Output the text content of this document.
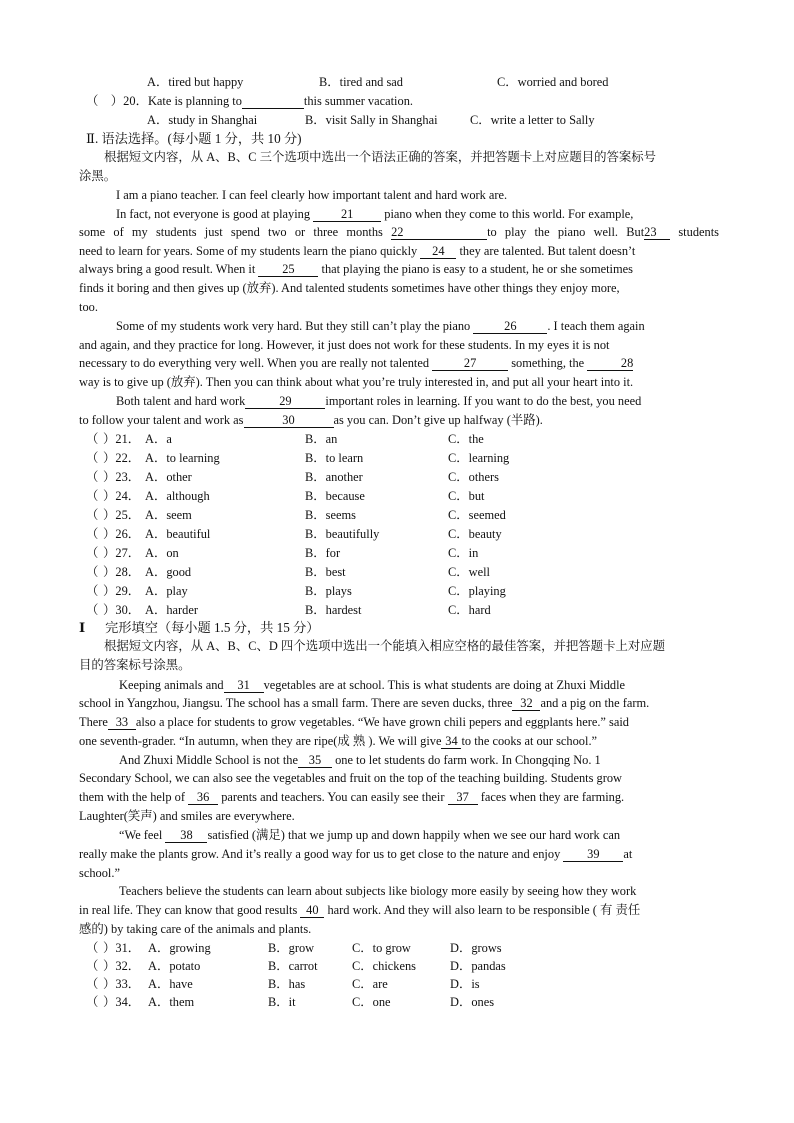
A．tired but happy	B．tired and sad	C．worried and bored
（    ）20．Kate is planning to	this summer vacation.
A．study in Shanghai	B．visit Sally in Shanghai	C．write a letter to Sally
Ⅱ. 语法选择。(每小题 1 分，共 10 分)
根据短文内容，从 A、B、C 三个选项中选出一个语法正确的答案，并把答题卡上对应题目的答案标号
涂黑。
I am a piano teacher. I can feel clearly how important talent and hard work are.
In fact, not everyone is good at playing 21 piano when they come to this world. For example,
some of my students just spend two or three months 22	to play the piano well. But23 students
need to learn for years. Some of my students learn the piano quickly 24 they are talented. But talent doesn’t
always bring a good result. When it 25 that playing the piano is easy to a student, he or she sometimes
finds it boring and then gives up (放弃). And talented students sometimes have other things they enjoy more,
too.
Some of my students work very hard. But they still can’t play the piano 26 . I teach them again
and again, and they practice for long. However, it just does not work for these students. In my eyes it is not
necessary to do everything very well. When you are really not talented	27	something, the	28
way is to give up (放弃). Then you can think about what you’re truly interested in, and put all your heart into it.
Both talent and hard work	29	important roles in learning. If you want to do the best, you need
to follow your talent and work as	30	as you can. Don’t give up halfway (半路).
（ ）21． A．a	B．an	C．the
（ ）22． A．to learning	B．to learn	C．learning
（ ）23． A．other	B．another	C．others
（ ）24． A．although	B．because	C．but
（ ）25． A．seem	B．seems	C．seemed
（ ）26． A．beautiful	B．beautifully	C．beauty
（ ）27． A．on	B．for	C．in
（ ）28． A．good	B．best	C．well
（ ）29． A．play	B．plays	C．playing
（ ）30． A．harder	B．hardest	C．hard
Ⅰ 完形填空（每小题 1.5 分，共 15 分）
根据短文内容，从 A、B、C、D 四个选项中选出一个能填入相应空格的最佳答案，并把答题卡上对应题
目的答案标号涂黑。
Keeping animals and 31 vegetables are at school. This is what students are doing at Zhuxi Middle
school in Yangzhou, Jiangsu. The school has a small farm. There are seven ducks, three 32 and a pig on the farm.
There 33 also a place for students to grow vegetables. “We have grown chili pepers and eggplants here.” said
one seventh-grader. “In autumn, when they are ripe(成 熟 ). We will give 34 to the cooks at our school.”
And Zhuxi Middle School is not the 35 one to let students do farm work. In Chongqing No. 1
Secondary School, we can also see the vegetables and fruit on the top of the teaching building. Students grow
them with the help of 36 parents and teachers. You can easily see their 37 faces when they are farming.
Laughter(笑声) and smiles are everywhere.
“We feel 38 satisfied (满足) that we jump up and down happily when we see our hard work can
really make the plants grow. And it’s really a good way for us to get close to the nature and enjoy 39 at
school.”
Teachers believe the students can learn about subjects like biology more easily by seeing how they work
in real life. They can know that good results 40 hard work. And they will also learn to be responsible ( 有 责任
感的) by taking care of the animals and plants.
（ ）31． A．growing	B．grow	C．to grow	D．grows
（ ）32． A．potato	B．carrot	C．chickens	D．pandas
（ ）33． A．have	B．has	C．are	D．is
（ ）34． A．them	B．it	C．one	D．ones
